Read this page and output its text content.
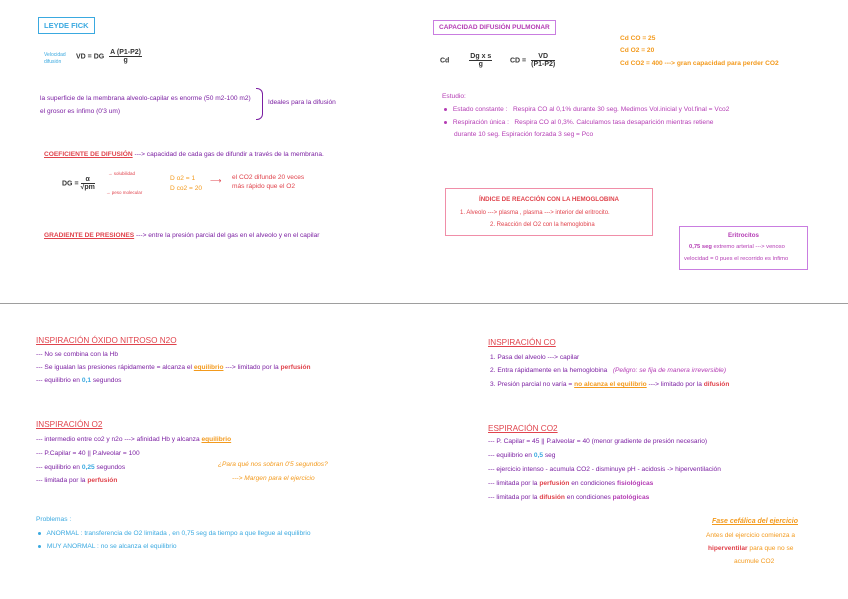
LEYDE FICK
Velocidad
difusión
VD = DG $\frac{A (P1-P2)}{g}$
la superficie de la membrana alveolo-capilar es enorme (50 m2-100 m2)
el grosor es ínfimo (0'3 um)
Ideales para la difusión
COEFICIENTE DE DIFUSIÓN ---> capacidad de cada gas de difundir a través de la membrana.
DG = $\frac{\alpha}{√pm}$
→ solubilidad
→ peso molecular
D o2 = 1
D co2 = 20
⟶ el CO2 difunde 20 veces
más rápido que el O2
GRADIENTE DE PRESIONES ---> entre la presión parcial del gas en el alveolo y en el capilar
CAPACIDAD DIFUSIÓN PULMONAR
Cd	$\frac{\text{Dg x s}}{g}$	CD = $\frac{VD}{(P1-P2)}$
Cd CO = 25
Cd O2 = 20
Cd CO2 = 400 ---> gran capacidad para perder CO2
Estudio:
Estado constante : Respira CO al 0,1% durante 30 seg. Medimos Vol.inicial y Vol.final = Vco2
Respiración única : Respira CO al 0,3%. Calculamos tasa desaparición mientras retiene
durante 10 seg. Espiración forzada 3 seg = Pco
ÍNDICE DE REACCIÓN CON LA HEMOGLOBINA
1. Alveolo ---> plasma , plasma ---> interior del eritrocito.
2. Reacción del O2 con la hemoglobina
Eritrocitos
0,75 seg extremo arterial ---> venoso
velocidad = 0 pues el recorrido es ínfimo
INSPIRACIÓN ÓXIDO NITROSO N2O
--- No se combina con la Hb
--- Se igualan las presiones rápidamente = alcanza el equilibrio ---> limitado por la perfusión
--- equilibrio en 0,1 segundos
INSPIRACIÓN O2
--- intermedio entre co2 y n2o ---> afinidad Hb y alcanza equilibrio
--- P.Capilar = 40 || P.alveolar = 100
--- equilibrio en 0,25 segundos
--- limitada por la perfusión
¿Para qué nos sobran 0'5 segundos?
---> Margen para el ejercicio
Problemas :
ANORMAL : transferencia de O2 limitada , en 0,75 seg da tiempo a que llegue al equilibrio
MUY ANORMAL : no se alcanza el equilibrio
INSPIRACIÓN CO
1. Pasa del alveolo ---> capilar
2. Entra rápidamente en la hemoglobina (Peligro: se fija de manera irreversible)
3. Presión parcial no varía = no alcanza el equilibrio ---> limitado por la difusión
ESPIRACIÓN CO2
--- P. Capilar = 45 || P.alveolar = 40 (menor gradiente de presión necesario)
--- equilibrio en 0,5 seg
--- ejercicio intenso - acumula CO2 - disminuye pH - acidosis -> hiperventilación
--- limitada por la perfusión en condiciones fisiológicas
--- limitada por la difusión en condiciones patológicas
Fase cefálica del ejercicio
Antes del ejercicio comienza a
hiperventilar para que no se
acumule CO2
